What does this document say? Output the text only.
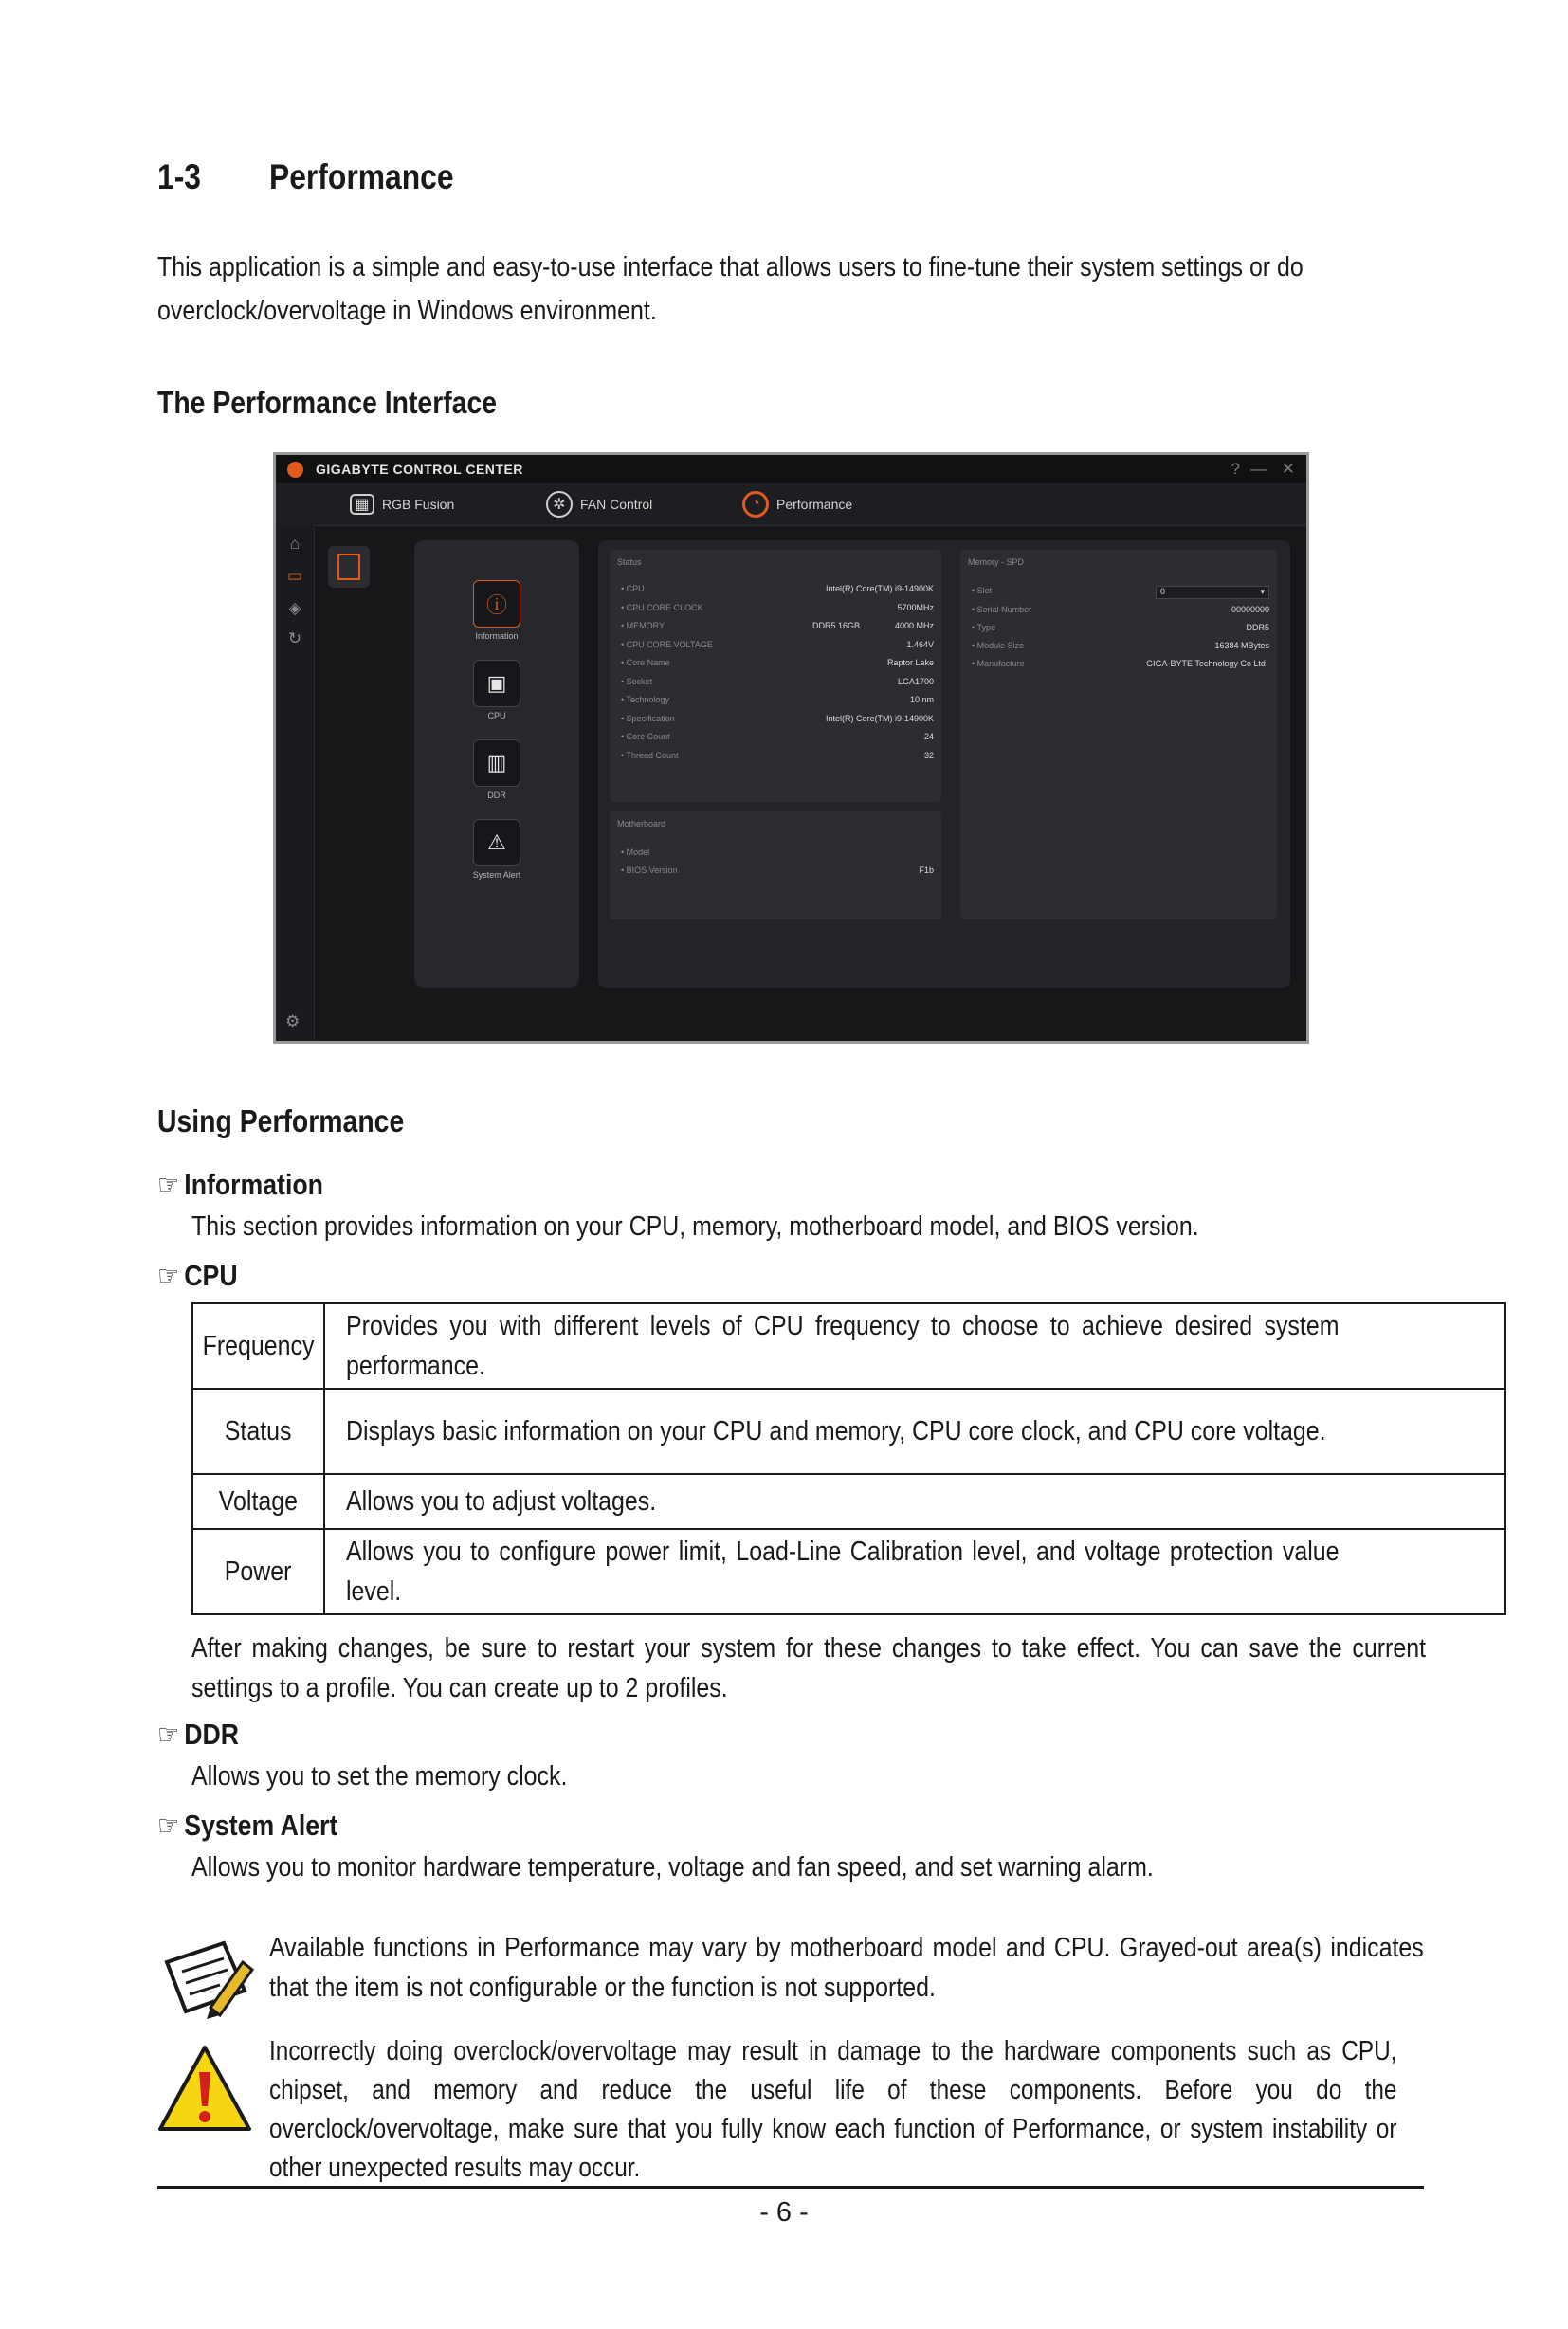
1-3 Performance
This application is a simple and easy-to-use interface that allows users to fine-tune their system settings or do
overclock/overvoltage in Windows environment.
The Performance Interface
GIGABYTE CONTROL CENTER	? — ✕
▦ RGB Fusion	✲	FAN Control	◔	Performance
⌂
▭
◈
↻
⚙
ⓘ
Information
▣
CPU
▥
DDR
⚠
System Alert
Status
• CPU	Intel(R) Core(TM) i9-14900K
• CPU CORE CLOCK	5700MHz
• MEMORY	DDR5 16GB	4000 MHz
• CPU CORE VOLTAGE	1.464V
• Core Name	Raptor Lake
• Socket	LGA1700
• Technology	10 nm
• Specification	Intel(R) Core(TM) i9-14900K
• Core Count	24
• Thread Count	32
Motherboard
• Model
• BIOS Version	F1b
Memory - SPD
• Slot	0	▾
• Serial Number	00000000
• Type	DDR5
• Module Size	16384 MBytes
• Manufacture	GIGA-BYTE Technology Co Ltd
Using Performance
☞ Information
This section provides information on your CPU, memory, motherboard model, and BIOS version.
☞ CPU
Frequency	Provides you with different levels of CPU frequency to choose to achieve desired system performance.

Status	Displays basic information on your CPU and memory, CPU core clock, and CPU core voltage.

Voltage	Allows you to adjust voltages.

Power	Allows you to configure power limit, Load-Line Calibration level, and voltage protection value level.
After making changes, be sure to restart your system for these changes to take effect. You can save the current settings to a profile. You can create up to 2 profiles.
☞ DDR
Allows you to set the memory clock.
☞ System Alert
Allows you to monitor hardware temperature, voltage and fan speed, and set warning alarm.
Available functions in Performance may vary by motherboard model and CPU. Grayed-out area(s) indicates that the item is not configurable or the function is not supported.
Incorrectly doing overclock/overvoltage may result in damage to the hardware components such as CPU, chipset, and memory and reduce the useful life of these components. Before you do the overclock/overvoltage, make sure that you fully know each function of Performance, or system instability or other unexpected results may occur.
- 6 -
